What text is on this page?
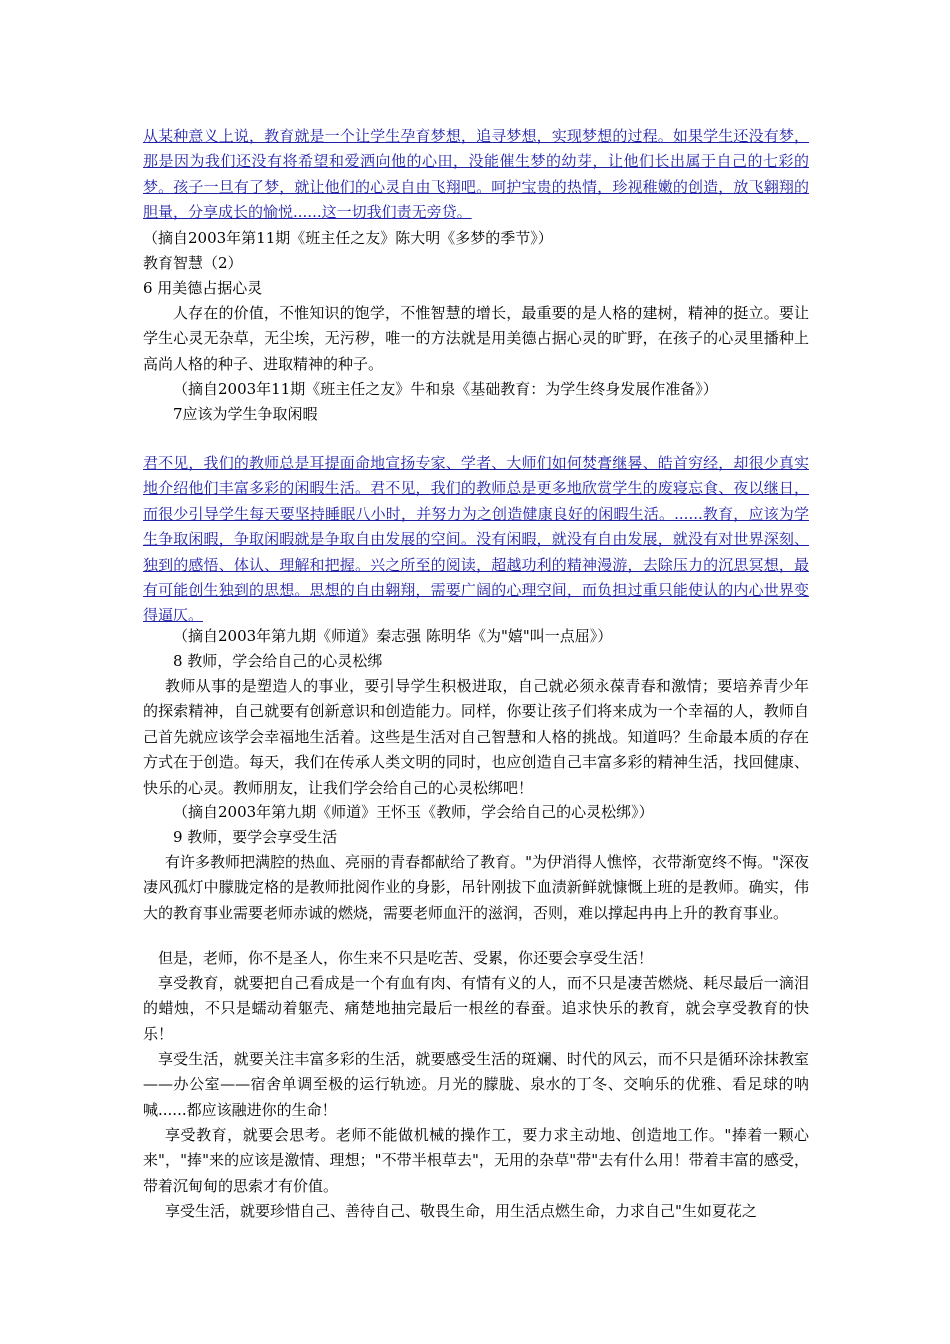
从某种意义上说，教育就是一个让学生孕育梦想，追寻梦想，实现梦想的过程。如果学生还没有梦，那是因为我们还没有将希望和爱洒向他的心田，没能催生梦的幼芽，让他们长出属于自己的七彩的梦。孩子一旦有了梦，就让他们的心灵自由飞翔吧。呵护宝贵的热情，珍视稚嫩的创造，放飞翱翔的胆量，分享成长的愉悦......这一切我们责无旁贷。

（摘自2003年第11期《班主任之友》陈大明《多梦的季节》）

教育智慧（2）

6 用美德占据心灵

人存在的价值，不惟知识的饱学，不惟智慧的增长，最重要的是人格的建树，精神的挺立。要让学生心灵无杂草，无尘埃，无污秽，唯一的方法就是用美德占据心灵的旷野，在孩子的心灵里播种上高尚人格的种子、进取精神的种子。

（摘自2003年11期《班主任之友》牛和泉《基础教育：为学生终身发展作准备》）

7应该为学生争取闲暇

君不见，我们的教师总是耳提面命地宣扬专家、学者、大师们如何焚膏继晷、皓首穷经，却很少真实地介绍他们丰富多彩的闲暇生活。君不见，我们的教师总是更多地欣赏学生的废寝忘食、夜以继日，而很少引导学生每天要坚持睡眠八小时，并努力为之创造健康良好的闲暇生活。......教育，应该为学生争取闲暇，争取闲暇就是争取自由发展的空间。没有闲暇，就没有自由发展，就没有对世界深刻、独到的感悟、体认、理解和把握。兴之所至的阅读，超越功利的精神漫游，去除压力的沉思冥想，最有可能创生独到的思想。思想的自由翱翔，需要广阔的心理空间，而负担过重只能使认的内心世界变得逼仄。

（摘自2003年第九期《师道》秦志强 陈明华《为"嬉"叫一点屈》）

8 教师，学会给自己的心灵松绑

教师从事的是塑造人的事业，要引导学生积极进取，自己就必须永葆青春和激情；要培养青少年的探索精神，自己就要有创新意识和创造能力。同样，你要让孩子们将来成为一个幸福的人，教师自己首先就应该学会幸福地生活着。这些是生活对自己智慧和人格的挑战。知道吗？生命最本质的存在方式在于创造。每天，我们在传承人类文明的同时，也应创造自己丰富多彩的精神生活，找回健康、快乐的心灵。教师朋友，让我们学会给自己的心灵松绑吧！

（摘自2003年第九期《师道》王怀玉《教师，学会给自己的心灵松绑》）

9 教师，要学会享受生活

有许多教师把满腔的热血、亮丽的青春都献给了教育。"为伊消得人憔悴，衣带渐宽终不悔。"深夜凄风孤灯中朦胧定格的是教师批阅作业的身影，吊针刚拔下血渍新鲜就慷慨上班的是教师。确实，伟大的教育事业需要老师赤诚的燃烧，需要老师血汗的滋润，否则，难以撑起冉冉上升的教育事业。

但是，老师，你不是圣人，你生来不只是吃苦、受累，你还要会享受生活！

享受教育，就要把自己看成是一个有血有肉、有情有义的人，而不只是凄苦燃烧、耗尽最后一滴泪的蜡烛，不只是蠕动着躯壳、痛楚地抽完最后一根丝的春蚕。追求快乐的教育，就会享受教育的快乐！

享受生活，就要关注丰富多彩的生活，就要感受生活的斑斓、时代的风云，而不只是循环涂抹教室——办公室——宿舍单调至极的运行轨迹。月光的朦胧、泉水的丁冬、交响乐的优雅、看足球的呐喊......都应该融进你的生命！

享受教育，就要会思考。老师不能做机械的操作工，要力求主动地、创造地工作。"捧着一颗心来"，"捧"来的应该是激情、理想；"不带半根草去"，无用的杂草"带"去有什么用！带着丰富的感受，带着沉甸甸的思索才有价值。

享受生活，就要珍惜自己、善待自己、敬畏生命，用生活点燃生命，力求自己"生如夏花之
